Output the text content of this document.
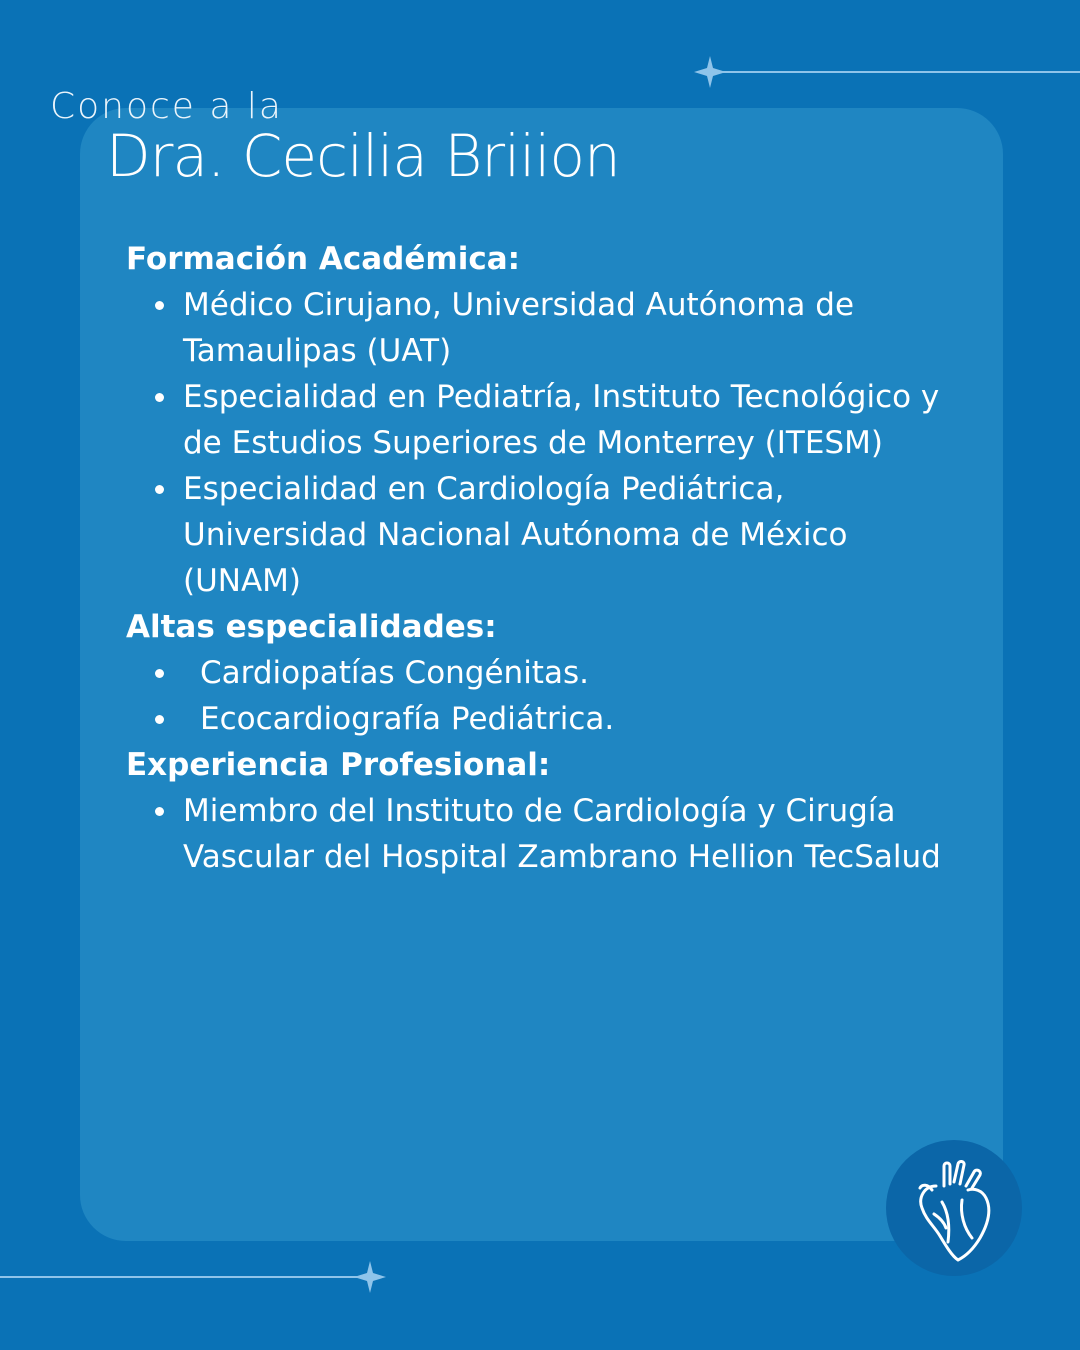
Conoce a la
Dra. Cecilia Briiion
Formación Académica:
Médico Cirujano, Universidad Autónoma de Tamaulipas (UAT)
Especialidad en Pediatría, Instituto Tecnológico y de Estudios Superiores de Monterrey (ITESM)
Especialidad en Cardiología Pediátrica, Universidad Nacional Autónoma de México (UNAM)
Altas especialidades:
Cardiopatías Congénitas.
Ecocardiografía Pediátrica.
Experiencia Profesional:
Miembro del Instituto de Cardiología y Cirugía Vascular del Hospital Zambrano Hellion TecSalud
